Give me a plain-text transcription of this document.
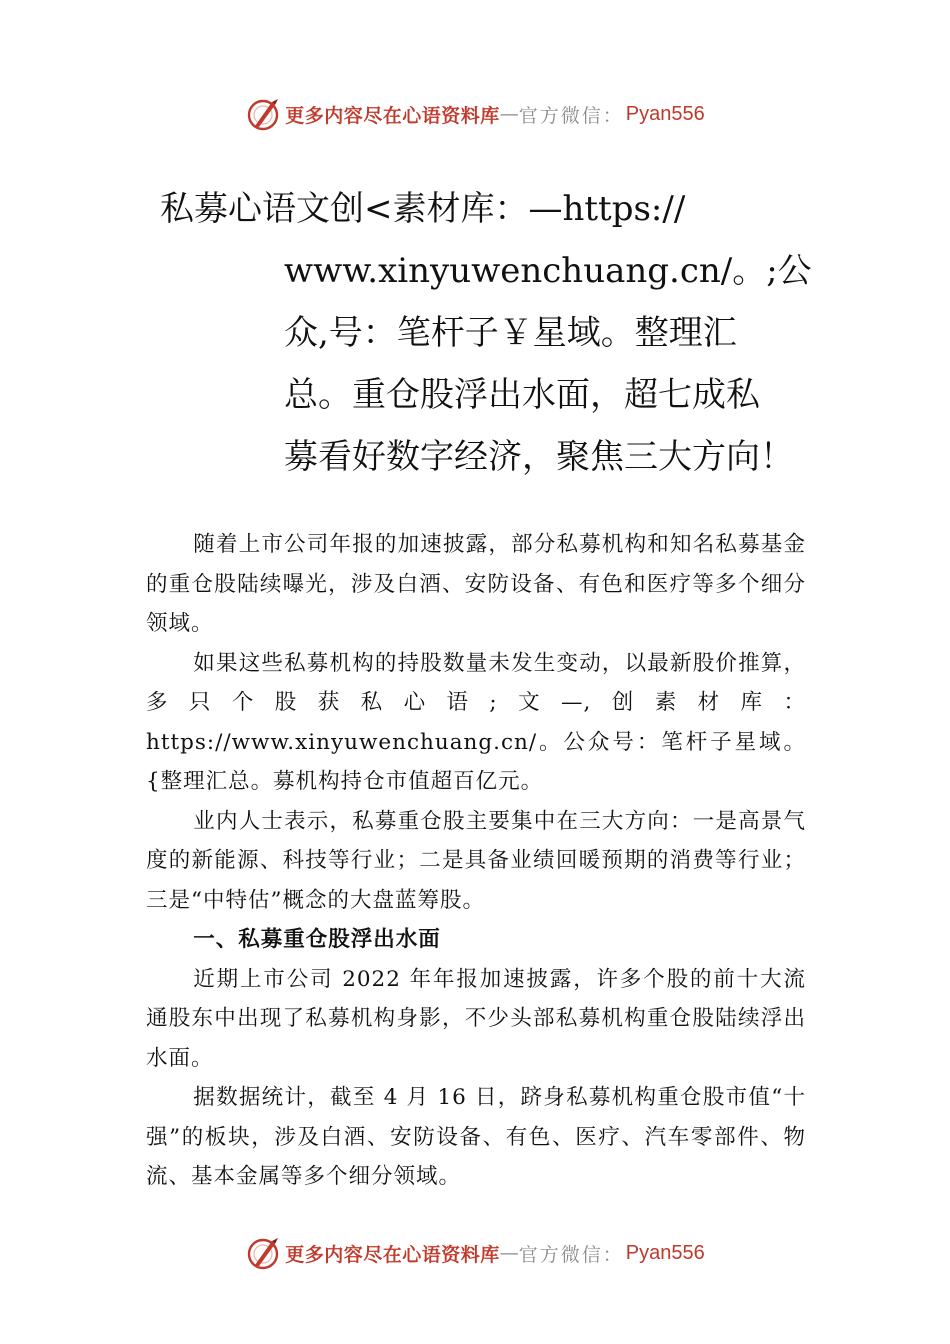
更多内容尽在心语资料库 — 官方微信： Pyan556
私募心语文创<素材库：—https://
www.xinyuwenchuang.cn/。;公
众,号：笔杆子￥星域。整理汇
总。重仓股浮出水面，超七成私
募看好数字经济，聚焦三大方向！

随着上市公司年报的加速披露，部分私募机构和知名私募基金的重仓股陆续曝光，涉及白酒、安防设备、有色和医疗等多个细分领域。

如果这些私募机构的持股数量未发生变动，以最新股价推算，多只个股获私心语;文—,创素材库：https://www.xinyuwenchuang.cn/。公众号：笔杆子星域。{整理汇总。募机构持仓市值超百亿元。

业内人士表示，私募重仓股主要集中在三大方向：一是高景气度的新能源、科技等行业；二是具备业绩回暖预期的消费等行业；三是“中特估”概念的大盘蓝筹股。

一、私募重仓股浮出水面

近期上市公司 2022 年年报加速披露，许多个股的前十大流通股东中出现了私募机构身影，不少头部私募机构重仓股陆续浮出水面。

据数据统计，截至 4 月 16 日，跻身私募机构重仓股市值“十强”的板块，涉及白酒、安防设备、有色、医疗、汽车零部件、物流、基本金属等多个细分领域。

更多内容尽在心语资料库 — 官方微信： Pyan556
